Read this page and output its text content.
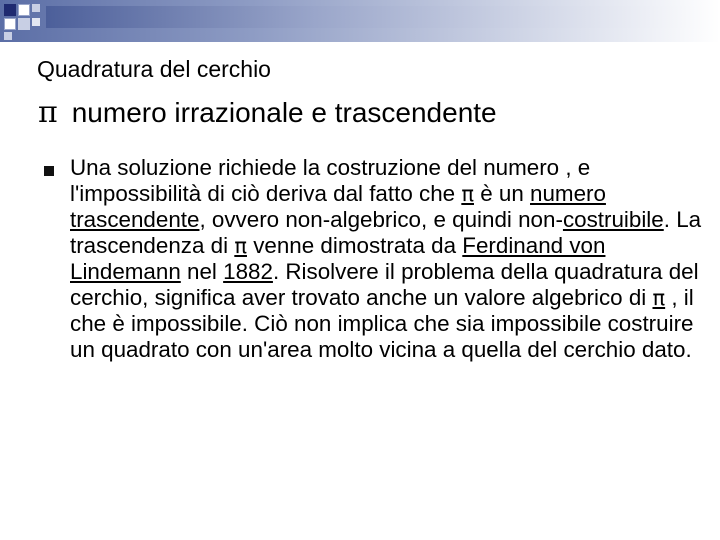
Quadratura del cerchio
π numero irrazionale e trascendente
Una soluzione richiede la costruzione del numero , e l'impossibilità di ciò deriva dal fatto che π è un numero trascendente, ovvero non-algebrico, e quindi non-costruibile. La trascendenza di π venne dimostrata da Ferdinand von Lindemann nel 1882. Risolvere il problema della quadratura del cerchio, significa aver trovato anche un valore algebrico di π , il che è impossibile. Ciò non implica che sia impossibile costruire un quadrato con un'area molto vicina a quella del cerchio dato.
